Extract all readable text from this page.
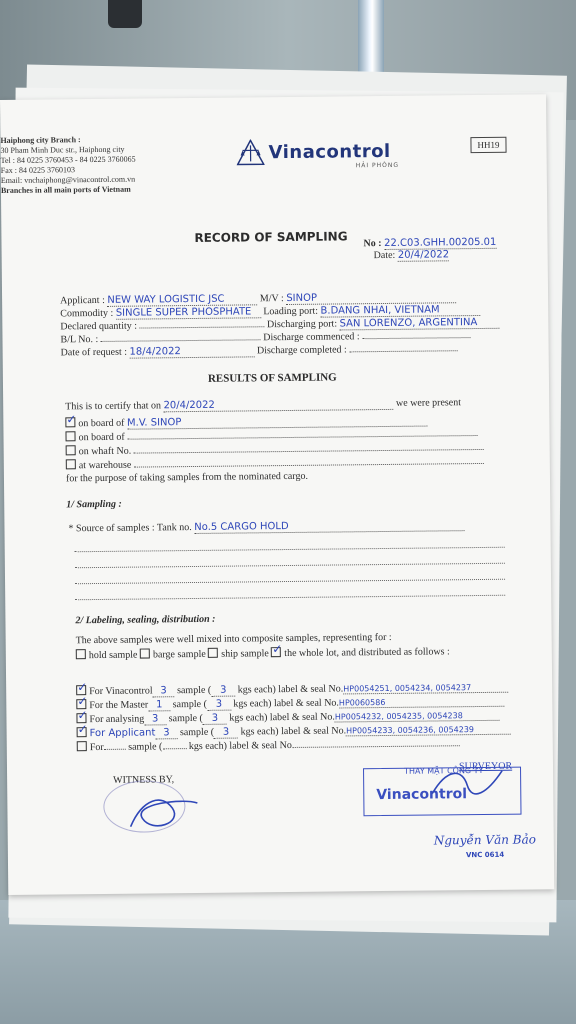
Haiphong city Branch :
30 Pham Minh Duc str., Haiphong city
Tel : 84 0225 3760453 - 84 0225 3760065
Fax : 84 0225 3760103
Email: vnchaiphong@vinacontrol.com.vn
Branches in all main ports of Vietnam
Vinacontrol
HẢI PHÒNG
HH19
RECORD OF SAMPLING No : 22.C03.GHH.00205.01
Date: 20/4/2022
Applicant : NEW WAY LOGISTIC JSC	M/V : SINOP
Commodity : SINGLE SUPER PHOSPHATE Loading port: B.DANG NHAI, VIETNAM
Declared quantity :	Discharging port: SAN LORENZO, ARGENTINA
B/L No. :	Discharge commenced :
Date of request : 18/4/2022	Discharge completed :
RESULTS OF SAMPLING
This is to certify that on 20/4/2022	we were present
✓on board of M.V. SINOP
on board of
on whaft No.
at warehouse
for the purpose of taking samples from the nominated cargo.
1/ Sampling :
* Source of samples : Tank no. No.5 CARGO HOLD
2/ Labeling, sealing, distribution :
The above samples were well mixed into composite samples, representing for :
hold sample barge sample ship sample ✓ the whole lot, and distributed as follows :
✓For Vinacontrol 3 sample ( 3 kgs each) label & seal No.HP0054251, 0054234, 0054237
✓For the Master 1 sample ( 3 kgs each) label & seal No.HP0060586
✓For analysing 3 sample ( 3 kgs each) label & seal No.HP0054232, 0054235, 0054238
✓For Applicant 3 sample ( 3 kgs each) label & seal No.HP0054233, 0054236, 0054239
For sample (	kgs each) label & seal No.
WITNESS BY,
SURVEYOR
THAY MẶT CÔNG TY
Vinacontrol
Nguyễn Văn Bảo
VNC 0614
